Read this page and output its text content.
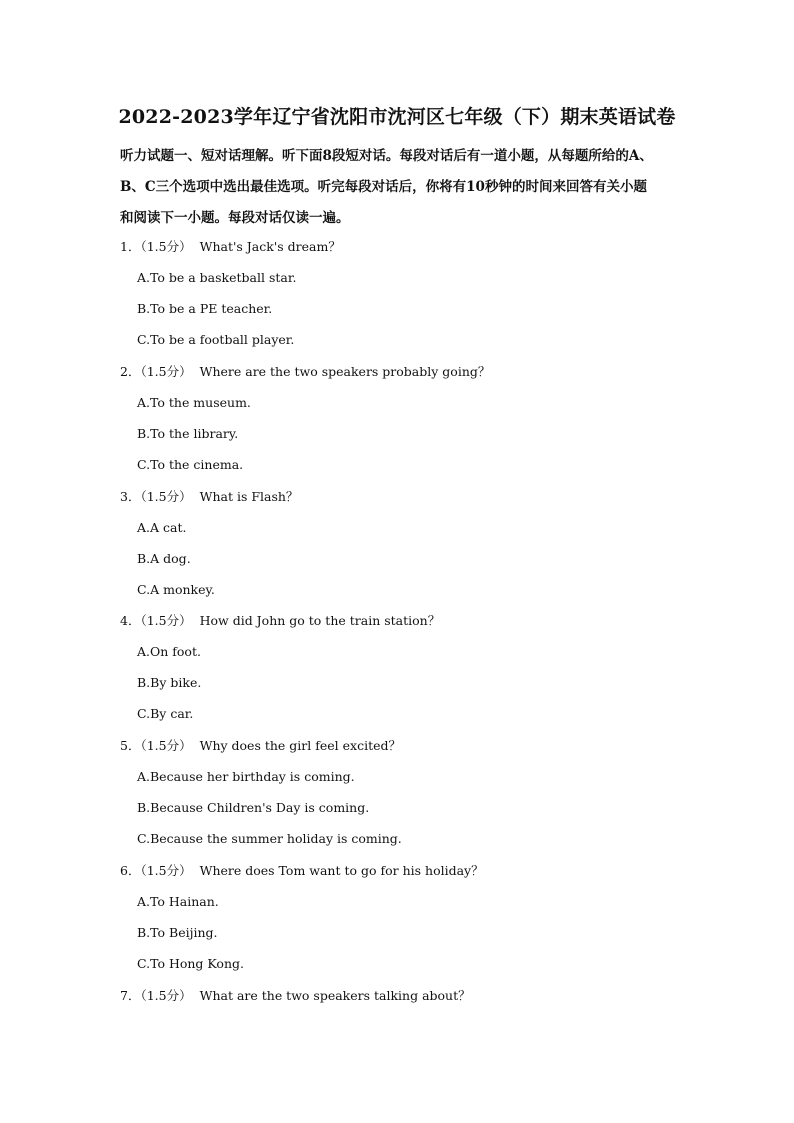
2022-2023学年辽宁省沈阳市沈河区七年级（下）期末英语试卷
听力试题一、短对话理解。听下面8段短对话。每段对话后有一道小题，从每题所给的A、
B、C三个选项中选出最佳选项。听完每段对话后，你将有10秒钟的时间来回答有关小题
和阅读下一小题。每段对话仅读一遍。
1．（1.5分） What's Jack's dream？
A.To be a basketball star.
B.To be a PE teacher.
C.To be a football player.
2．（1.5分） Where are the two speakers probably going？
A.To the museum.
B.To the library.
C.To the cinema.
3．（1.5分） What is Flash？
A.A cat.
B.A dog.
C.A monkey.
4．（1.5分） How did John go to the train station？
A.On foot.
B.By bike.
C.By car.
5．（1.5分） Why does the girl feel excited？
A.Because her birthday is coming.
B.Because Children's Day is coming.
C.Because the summer holiday is coming.
6．（1.5分） Where does Tom want to go for his holiday？
A.To Hainan.
B.To Beijing.
C.To Hong Kong.
7．（1.5分） What are the two speakers talking about？
